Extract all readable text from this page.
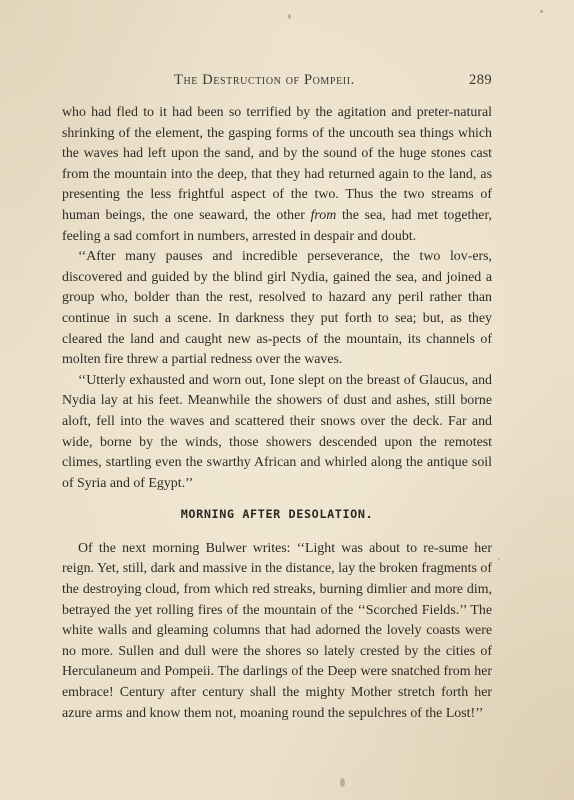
The Destruction of Pompeii.	289

who had fled to it had been so terrified by the agitation and preter-natural shrinking of the element, the gasping forms of the uncouth sea things which the waves had left upon the sand, and by the sound of the huge stones cast from the mountain into the deep, that they had returned again to the land, as presenting the less frightful aspect of the two. Thus the two streams of human beings, the one seaward, the other from the sea, had met together, feeling a sad comfort in numbers, arrested in despair and doubt.

‘‘After many pauses and incredible perseverance, the two lov-ers, discovered and guided by the blind girl Nydia, gained the sea, and joined a group who, bolder than the rest, resolved to hazard any peril rather than continue in such a scene. In darkness they put forth to sea; but, as they cleared the land and caught new as-pects of the mountain, its channels of molten fire threw a partial redness over the waves.

‘‘Utterly exhausted and worn out, Ione slept on the breast of Glaucus, and Nydia lay at his feet. Meanwhile the showers of dust and ashes, still borne aloft, fell into the waves and scattered their snows over the deck. Far and wide, borne by the winds, those showers descended upon the remotest climes, startling even the swarthy African and whirled along the antique soil of Syria and of Egypt.’’

MORNING AFTER DESOLATION.

Of the next morning Bulwer writes: ‘‘Light was about to re-sume her reign. Yet, still, dark and massive in the distance, lay the broken fragments of the destroying cloud, from which red streaks, burning dimlier and more dim, betrayed the yet rolling fires of the mountain of the ‘‘Scorched Fields.’’ The white walls and gleaming columns that had adorned the lovely coasts were no more. Sullen and dull were the shores so lately crested by the cities of Herculaneum and Pompeii. The darlings of the Deep were snatched from her embrace! Century after century shall the mighty Mother stretch forth her azure arms and know them not, moaning round the sepulchres of the Lost!’’
